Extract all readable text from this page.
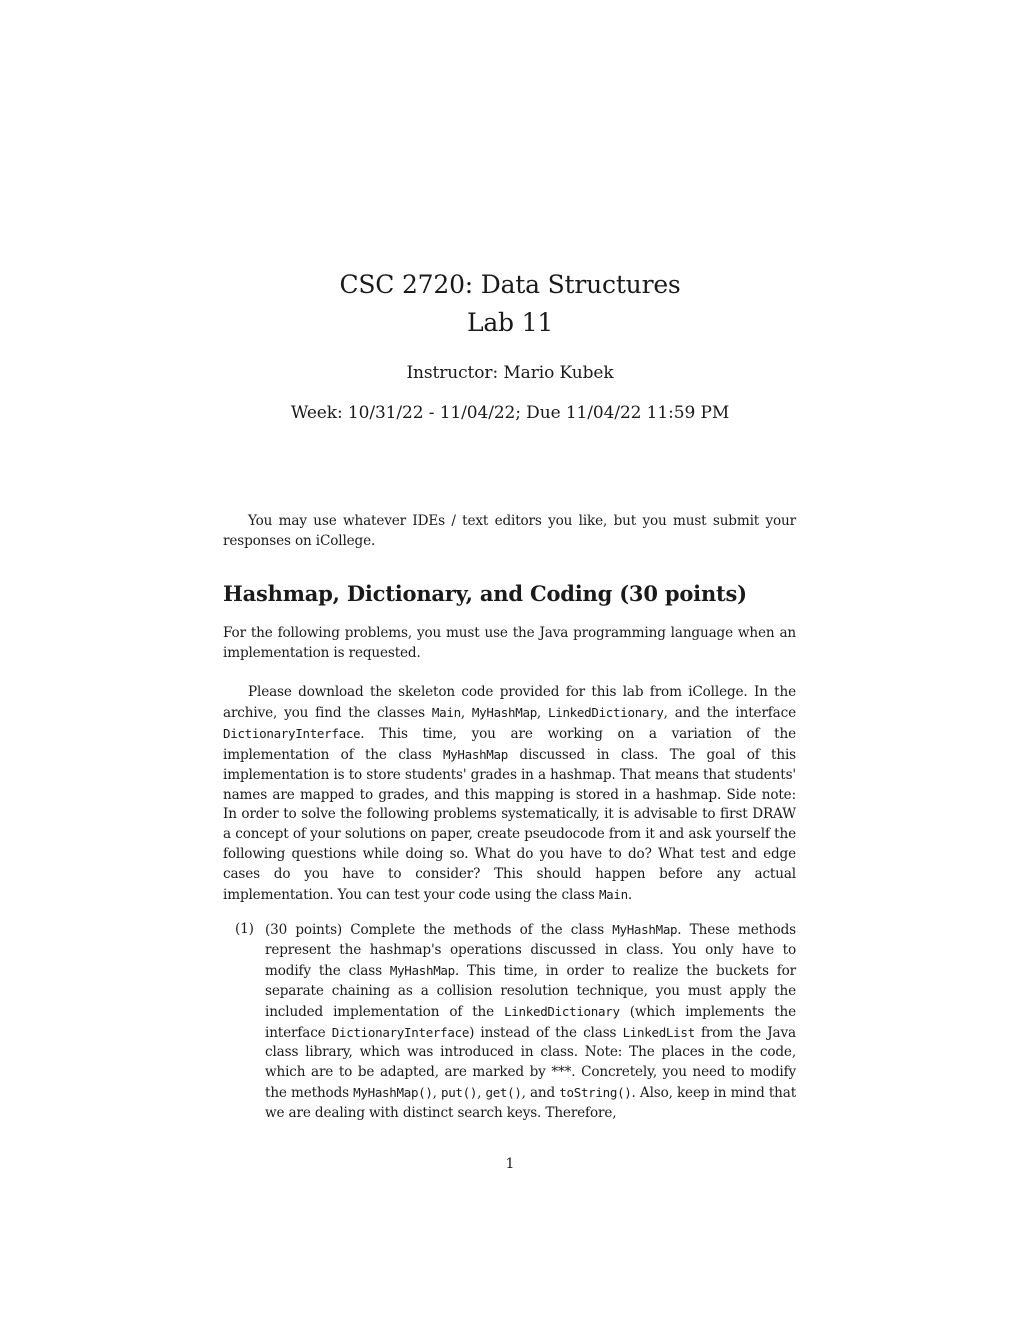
CSC 2720: Data Structures
Lab 11
Instructor: Mario Kubek
Week: 10/31/22 - 11/04/22; Due 11/04/22 11:59 PM
You may use whatever IDEs / text editors you like, but you must submit your responses on iCollege.
Hashmap, Dictionary, and Coding (30 points)
For the following problems, you must use the Java programming language when an implementation is requested.
Please download the skeleton code provided for this lab from iCollege. In the archive, you find the classes Main, MyHashMap, LinkedDictionary, and the interface DictionaryInterface. This time, you are working on a variation of the implementation of the class MyHashMap discussed in class. The goal of this implementation is to store students' grades in a hashmap. That means that students' names are mapped to grades, and this mapping is stored in a hashmap. Side note: In order to solve the following problems systematically, it is advisable to first DRAW a concept of your solutions on paper, create pseudocode from it and ask yourself the following questions while doing so. What do you have to do? What test and edge cases do you have to consider? This should happen before any actual implementation. You can test your code using the class Main.
(1) (30 points) Complete the methods of the class MyHashMap. These methods represent the hashmap's operations discussed in class. You only have to modify the class MyHashMap. This time, in order to realize the buckets for separate chaining as a collision resolution technique, you must apply the included implementation of the LinkedDictionary (which implements the interface DictionaryInterface) instead of the class LinkedList from the Java class library, which was introduced in class. Note: The places in the code, which are to be adapted, are marked by ***. Concretely, you need to modify the methods MyHashMap(), put(), get(), and toString(). Also, keep in mind that we are dealing with distinct search keys. Therefore,
1
